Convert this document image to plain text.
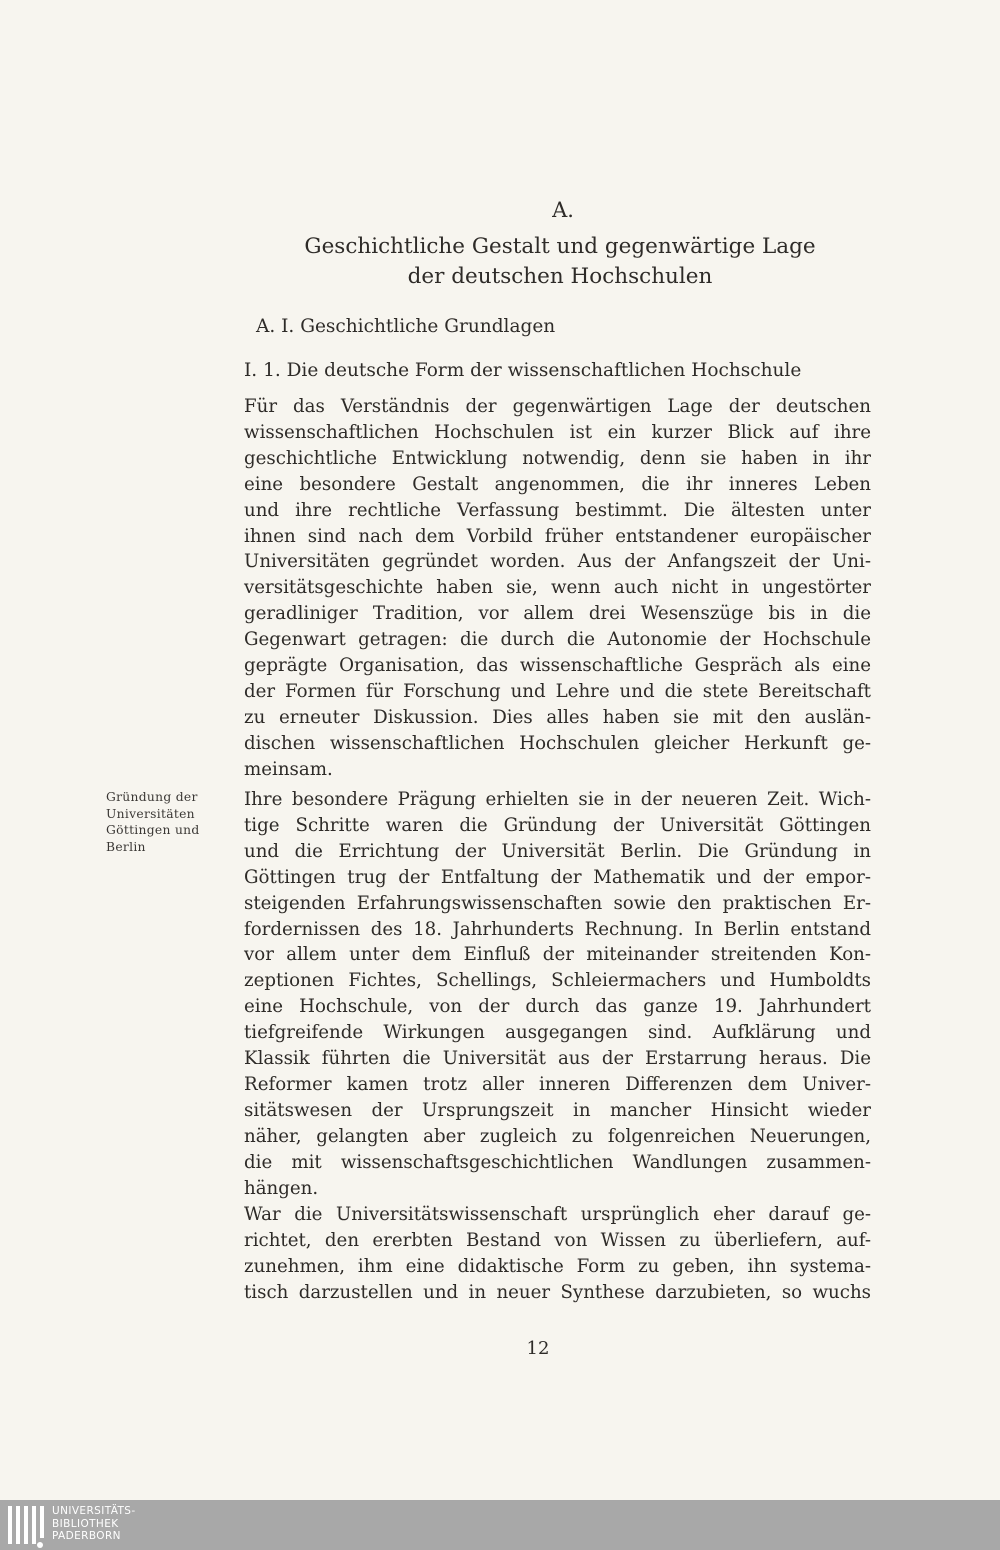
A.
Geschichtliche Gestalt und gegenwärtige Lage
der deutschen Hochschulen
A. I. Geschichtliche Grundlagen
I. 1. Die deutsche Form der wissenschaftlichen Hochschule

Für das Verständnis der gegenwärtigen Lage der deutschen
wissenschaftlichen Hochschulen ist ein kurzer Blick auf ihre
geschichtliche Entwicklung notwendig, denn sie haben in ihr
eine besondere Gestalt angenommen, die ihr inneres Leben
und ihre rechtliche Verfassung bestimmt. Die ältesten unter
ihnen sind nach dem Vorbild früher entstandener europäischer
Universitäten gegründet worden. Aus der Anfangszeit der Uni-
versitätsgeschichte haben sie, wenn auch nicht in ungestörter
geradliniger Tradition, vor allem drei Wesenszüge bis in die
Gegenwart getragen: die durch die Autonomie der Hochschule
geprägte Organisation, das wissenschaftliche Gespräch als eine
der Formen für Forschung und Lehre und die stete Bereitschaft
zu erneuter Diskussion. Dies alles haben sie mit den auslän-
dischen wissenschaftlichen Hochschulen gleicher Herkunft ge-
meinsam.

Gründung der
Universitäten
Göttingen und
Berlin

Ihre besondere Prägung erhielten sie in der neueren Zeit. Wich-
tige Schritte waren die Gründung der Universität Göttingen
und die Errichtung der Universität Berlin. Die Gründung in
Göttingen trug der Entfaltung der Mathematik und der empor-
steigenden Erfahrungswissenschaften sowie den praktischen Er-
fordernissen des 18. Jahrhunderts Rechnung. In Berlin entstand
vor allem unter dem Einfluß der miteinander streitenden Kon-
zeptionen Fichtes, Schellings, Schleiermachers und Humboldts
eine Hochschule, von der durch das ganze 19. Jahrhundert
tiefgreifende Wirkungen ausgegangen sind. Aufklärung und
Klassik führten die Universität aus der Erstarrung heraus. Die
Reformer kamen trotz aller inneren Differenzen dem Univer-
sitätswesen der Ursprungszeit in mancher Hinsicht wieder
näher, gelangten aber zugleich zu folgenreichen Neuerungen,
die mit wissenschaftsgeschichtlichen Wandlungen zusammen-
hängen.

War die Universitätswissenschaft ursprünglich eher darauf ge-
richtet, den ererbten Bestand von Wissen zu überliefern, auf-
zunehmen, ihm eine didaktische Form zu geben, ihn systema-
tisch darzustellen und in neuer Synthese darzubieten, so wuchs

12
UNIVERSITÄTS-
BIBLIOTHEK
PADERBORN
